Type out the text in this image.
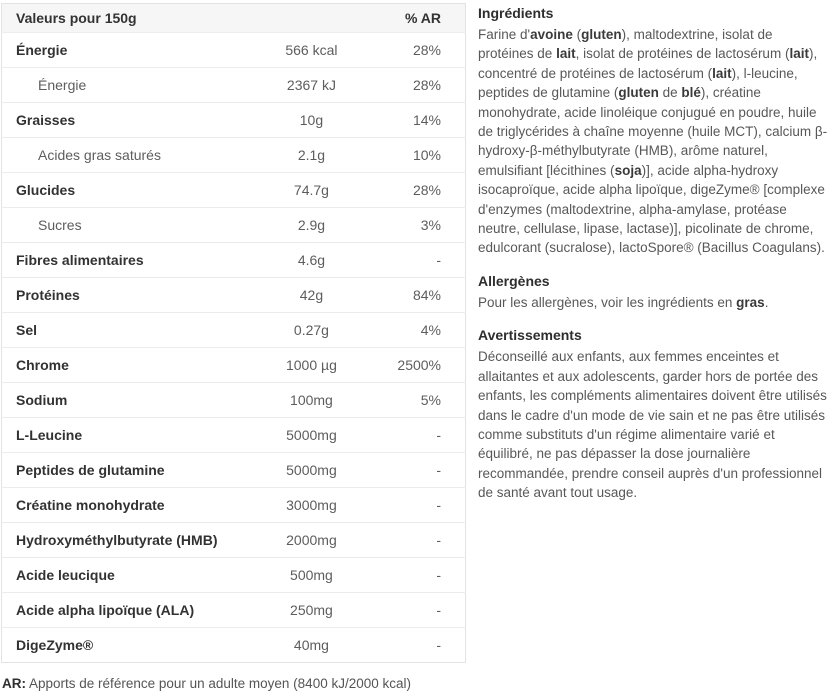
Valeurs pour 150g		% AR
Énergie	566 kcal	28%
Énergie	2367 kJ	28%
Graisses	10g	14%
Acides gras saturés	2.1g	10%
Glucides	74.7g	28%
Sucres	2.9g	3%
Fibres alimentaires	4.6g	-
Protéines	42g	84%
Sel	0.27g	4%
Chrome	1000 µg	2500%
Sodium	100mg	5%
L-Leucine	5000mg	-
Peptides de glutamine	5000mg	-
Créatine monohydrate	3000mg	-
Hydroxyméthylbutyrate (HMB)	2000mg	-
Acide leucique	500mg	-
Acide alpha lipoïque (ALA)	250mg	-
DigeZyme®	40mg	-

AR: Apports de référence pour un adulte moyen (8400 kJ/2000 kcal)

Ingrédients

Farine d'avoine (gluten), maltodextrine, isolat de protéines de lait, isolat de protéines de lactosérum (lait), concentré de protéines de lactosérum (lait), l-leucine, peptides de glutamine (gluten de blé), créatine monohydrate, acide linoléique conjugué en poudre, huile de triglycérides à chaîne moyenne (huile MCT), calcium β-hydroxy-β-méthylbutyrate (HMB), arôme naturel, emulsifiant [lécithines (soja)], acide alpha-hydroxy isocaproïque, acide alpha lipoïque, digeZyme® [complexe d'enzymes (maltodextrine, alpha-amylase, protéase neutre, cellulase, lipase, lactase)], picolinate de chrome, edulcorant (sucralose), lactoSpore® (Bacillus Coagulans).

Allergènes

Pour les allergènes, voir les ingrédients en gras.

Avertissements

Déconseillé aux enfants, aux femmes enceintes et allaitantes et aux adolescents, garder hors de portée des enfants, les compléments alimentaires doivent être utilisés dans le cadre d'un mode de vie sain et ne pas être utilisés comme substituts d'un régime alimentaire varié et équilibré, ne pas dépasser la dose journalière recommandée, prendre conseil auprès d'un professionnel de santé avant tout usage.
